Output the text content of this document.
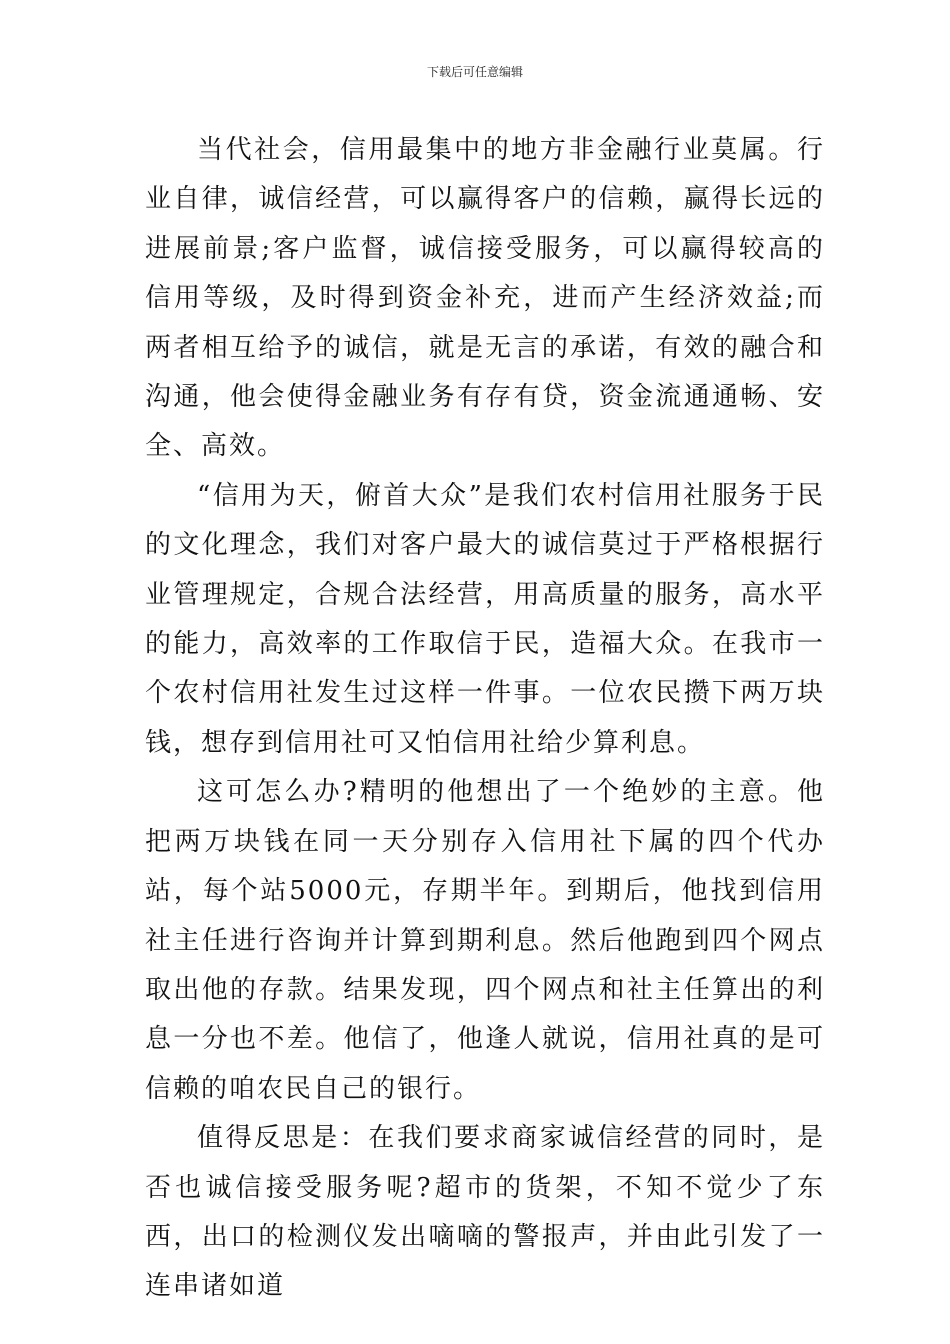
下载后可任意编辑

当代社会，信用最集中的地方非金融行业莫属。行业自律，诚信经营，可以赢得客户的信赖，赢得长远的进展前景;客户监督，诚信接受服务，可以赢得较高的信用等级，及时得到资金补充，进而产生经济效益;而两者相互给予的诚信，就是无言的承诺，有效的融合和沟通，他会使得金融业务有存有贷，资金流通通畅、安全、高效。

“信用为天，俯首大众”是我们农村信用社服务于民的文化理念，我们对客户最大的诚信莫过于严格根据行业管理规定，合规合法经营，用高质量的服务，高水平的能力，高效率的工作取信于民，造福大众。在我市一个农村信用社发生过这样一件事。一位农民攒下两万块钱，想存到信用社可又怕信用社给少算利息。

这可怎么办?精明的他想出了一个绝妙的主意。他把两万块钱在同一天分别存入信用社下属的四个代办站，每个站5000元，存期半年。到期后，他找到信用社主任进行咨询并计算到期利息。然后他跑到四个网点取出他的存款。结果发现，四个网点和社主任算出的利息一分也不差。他信了，他逢人就说，信用社真的是可信赖的咱农民自己的银行。

值得反思是：在我们要求商家诚信经营的同时，是否也诚信接受服务呢?超市的货架，不知不觉少了东西，出口的检测仪发出嘀嘀的警报声，并由此引发了一连串诸如道
